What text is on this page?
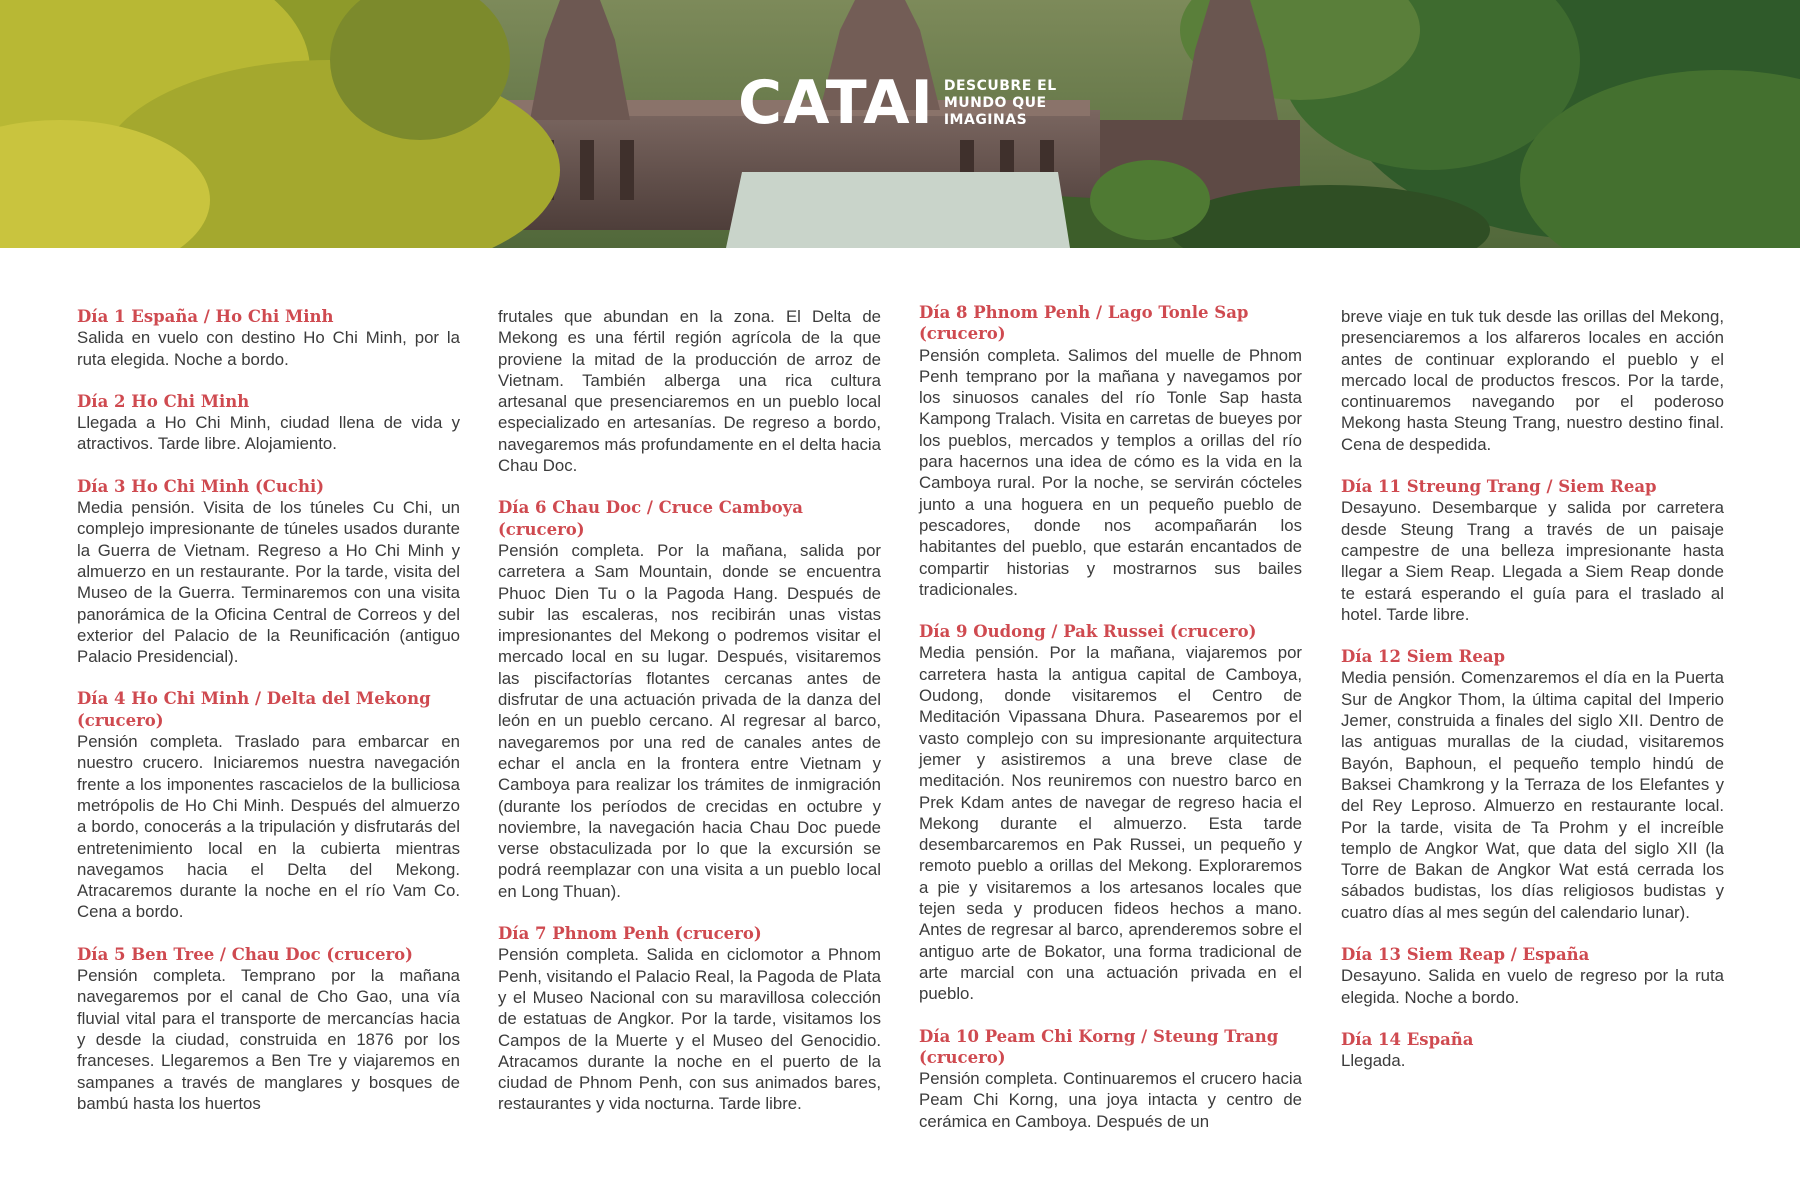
CATAI DESCUBRE EL
MUNDO QUE
IMAGINAS
Día 1 España / Ho Chi Minh

Salida en vuelo con destino Ho Chi Minh, por la ruta elegida. Noche a bordo.

Día 2 Ho Chi Minh

Llegada a Ho Chi Minh, ciudad llena de vida y atractivos. Tarde libre. Alojamiento.

Día 3 Ho Chi Minh (Cuchi)

Media pensión. Visita de los túneles Cu Chi, un complejo impresionante de túneles usados durante la Guerra de Vietnam. Regreso a Ho Chi Minh y almuerzo en un restaurante. Por la tarde, visita del Museo de la Guerra. Terminaremos con una visita panorámica de la Oficina Central de Correos y del exterior del Palacio de la Reunificación (antiguo Palacio Presidencial).

Día 4 Ho Chi Minh / Delta del Mekong (crucero)

Pensión completa. Traslado para embarcar en nuestro crucero. Iniciaremos nuestra navegación frente a los imponentes rascacielos de la bulliciosa metrópolis de Ho Chi Minh. Después del almuerzo a bordo, conocerás a la tripulación y disfrutarás del entretenimiento local en la cubierta mientras navegamos hacia el Delta del Mekong. Atracaremos durante la noche en el río Vam Co. Cena a bordo.

Día 5 Ben Tree / Chau Doc (crucero)

Pensión completa. Temprano por la mañana navegaremos por el canal de Cho Gao, una vía fluvial vital para el transporte de mercancías hacia y desde la ciudad, construida en 1876 por los franceses. Llegaremos a Ben Tre y viajaremos en sampanes a través de manglares y bosques de bambú hasta los huertos

frutales que abundan en la zona. El Delta de Mekong es una fértil región agrícola de la que proviene la mitad de la producción de arroz de Vietnam. También alberga una rica cultura artesanal que presenciaremos en un pueblo local especializado en artesanías. De regreso a bordo, navegaremos más profundamente en el delta hacia Chau Doc.

Día 6 Chau Doc / Cruce Camboya (crucero)

Pensión completa. Por la mañana, salida por carretera a Sam Mountain, donde se encuentra Phuoc Dien Tu o la Pagoda Hang. Después de subir las escaleras, nos recibirán unas vistas impresionantes del Mekong o podremos visitar el mercado local en su lugar. Después, visitaremos las piscifactorías flotantes cercanas antes de disfrutar de una actuación privada de la danza del león en un pueblo cercano. Al regresar al barco, navegaremos por una red de canales antes de echar el ancla en la frontera entre Vietnam y Camboya para realizar los trámites de inmigración (durante los períodos de crecidas en octubre y noviembre, la navegación hacia Chau Doc puede verse obstaculizada por lo que la excursión se podrá reemplazar con una visita a un pueblo local en Long Thuan).

Día 7 Phnom Penh (crucero)

Pensión completa. Salida en ciclomotor a Phnom Penh, visitando el Palacio Real, la Pagoda de Plata y el Museo Nacional con su maravillosa colección de estatuas de Angkor. Por la tarde, visitamos los Campos de la Muerte y el Museo del Genocidio. Atracamos durante la noche en el puerto de la ciudad de Phnom Penh, con sus animados bares, restaurantes y vida nocturna. Tarde libre.

Día 8 Phnom Penh / Lago Tonle Sap (crucero)

Pensión completa. Salimos del muelle de Phnom Penh temprano por la mañana y navegamos por los sinuosos canales del río Tonle Sap hasta Kampong Tralach. Visita en carretas de bueyes por los pueblos, mercados y templos a orillas del río para hacernos una idea de cómo es la vida en la Camboya rural. Por la noche, se servirán cócteles junto a una hoguera en un pequeño pueblo de pescadores, donde nos acompañarán los habitantes del pueblo, que estarán encantados de compartir historias y mostrarnos sus bailes tradicionales.

Día 9 Oudong / Pak Russei (crucero)

Media pensión. Por la mañana, viajaremos por carretera hasta la antigua capital de Camboya, Oudong, donde visitaremos el Centro de Meditación Vipassana Dhura. Pasearemos por el vasto complejo con su impresionante arquitectura jemer y asistiremos a una breve clase de meditación. Nos reuniremos con nuestro barco en Prek Kdam antes de navegar de regreso hacia el Mekong durante el almuerzo. Esta tarde desembarcaremos en Pak Russei, un pequeño y remoto pueblo a orillas del Mekong. Exploraremos a pie y visitaremos a los artesanos locales que tejen seda y producen fideos hechos a mano. Antes de regresar al barco, aprenderemos sobre el antiguo arte de Bokator, una forma tradicional de arte marcial con una actuación privada en el pueblo.

Día 10 Peam Chi Korng / Steung Trang (crucero)

Pensión completa. Continuaremos el crucero hacia Peam Chi Korng, una joya intacta y centro de cerámica en Camboya. Después de un

breve viaje en tuk tuk desde las orillas del Mekong, presenciaremos a los alfareros locales en acción antes de continuar explorando el pueblo y el mercado local de productos frescos. Por la tarde, continuaremos navegando por el poderoso Mekong hasta Steung Trang, nuestro destino final. Cena de despedida.

Día 11 Streung Trang / Siem Reap

Desayuno. Desembarque y salida por carretera desde Steung Trang a través de un paisaje campestre de una belleza impresionante hasta llegar a Siem Reap. Llegada a Siem Reap donde te estará esperando el guía para el traslado al hotel. Tarde libre.

Día 12 Siem Reap

Media pensión. Comenzaremos el día en la Puerta Sur de Angkor Thom, la última capital del Imperio Jemer, construida a finales del siglo XII. Dentro de las antiguas murallas de la ciudad, visitaremos Bayón, Baphoun, el pequeño templo hindú de Baksei Chamkrong y la Terraza de los Elefantes y del Rey Leproso. Almuerzo en restaurante local. Por la tarde, visita de Ta Prohm y el increíble templo de Angkor Wat, que data del siglo XII (la Torre de Bakan de Angkor Wat está cerrada los sábados budistas, los días religiosos budistas y cuatro días al mes según del calendario lunar).

Día 13 Siem Reap / España

Desayuno. Salida en vuelo de regreso por la ruta elegida. Noche a bordo.

Día 14 España

Llegada.
